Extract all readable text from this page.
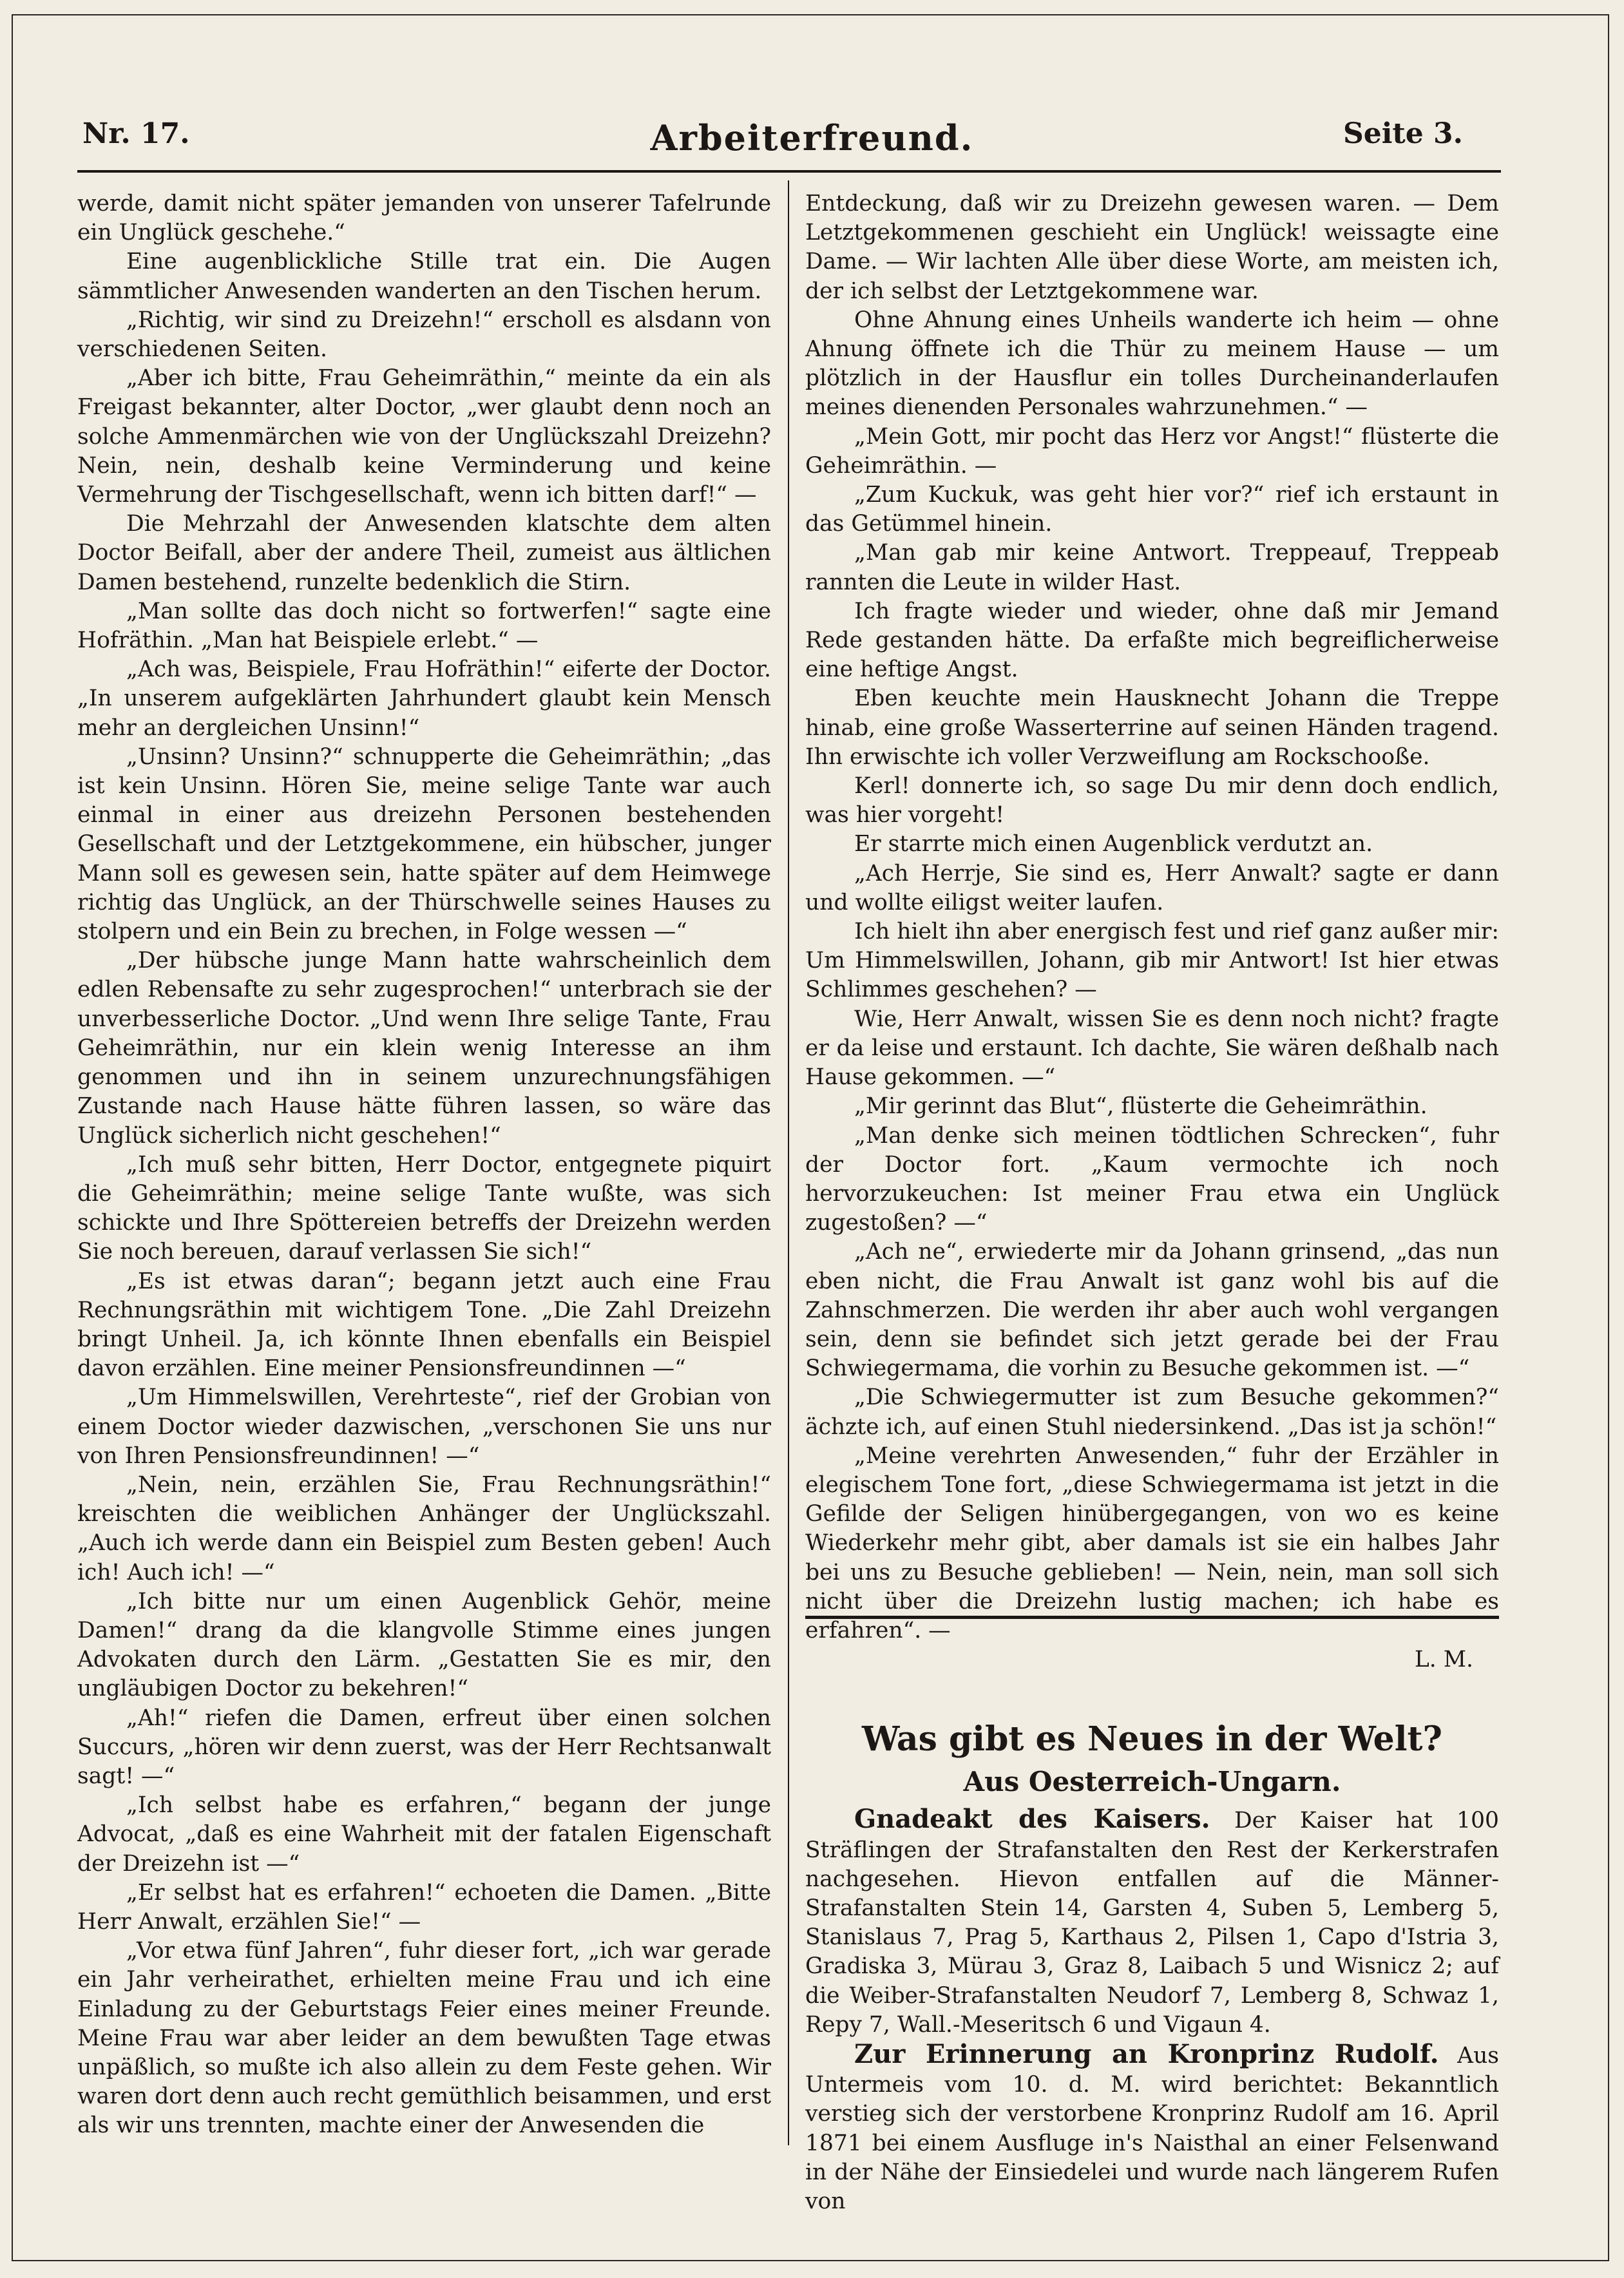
Nr. 17.	Arbeiterfreund.	Seite 3.

werde, damit nicht später jemanden von unserer Tafelrunde ein Unglück geschehe.“

Eine augenblickliche Stille trat ein. Die Augen sämmtlicher Anwesenden wanderten an den Tischen herum.

„Richtig, wir sind zu Dreizehn!“ erscholl es alsdann von verschiedenen Seiten.

„Aber ich bitte, Frau Geheimräthin,“ meinte da ein als Freigast bekannter, alter Doctor, „wer glaubt denn noch an solche Ammenmärchen wie von der Unglückszahl Dreizehn? Nein, nein, deshalb keine Verminderung und keine Vermehrung der Tischgesellschaft, wenn ich bitten darf!“ —

Die Mehrzahl der Anwesenden klatschte dem alten Doctor Beifall, aber der andere Theil, zumeist aus ältlichen Damen bestehend, runzelte bedenklich die Stirn.

„Man sollte das doch nicht so fortwerfen!“ sagte eine Hofräthin. „Man hat Beispiele erlebt.“ —

„Ach was, Beispiele, Frau Hofräthin!“ eiferte der Doctor. „In unserem aufgeklärten Jahrhundert glaubt kein Mensch mehr an dergleichen Unsinn!“

„Unsinn? Unsinn?“ schnupperte die Geheimräthin; „das ist kein Unsinn. Hören Sie, meine selige Tante war auch einmal in einer aus dreizehn Personen bestehenden Gesellschaft und der Letztgekommene, ein hübscher, junger Mann soll es gewesen sein, hatte später auf dem Heimwege richtig das Unglück, an der Thürschwelle seines Hauses zu stolpern und ein Bein zu brechen, in Folge wessen —“

„Der hübsche junge Mann hatte wahrscheinlich dem edlen Rebensafte zu sehr zugesprochen!“ unterbrach sie der unverbesserliche Doctor. „Und wenn Ihre selige Tante, Frau Geheimräthin, nur ein klein wenig Interesse an ihm genommen und ihn in seinem unzurechnungsfähigen Zustande nach Hause hätte führen lassen, so wäre das Unglück sicherlich nicht geschehen!“

„Ich muß sehr bitten, Herr Doctor, entgegnete piquirt die Geheimräthin; meine selige Tante wußte, was sich schickte und Ihre Spöttereien betreffs der Dreizehn werden Sie noch bereuen, darauf verlassen Sie sich!“

„Es ist etwas daran“; begann jetzt auch eine Frau Rechnungsräthin mit wichtigem Tone. „Die Zahl Dreizehn bringt Unheil. Ja, ich könnte Ihnen ebenfalls ein Beispiel davon erzählen. Eine meiner Pensionsfreundinnen —“

„Um Himmelswillen, Verehrteste“, rief der Grobian von einem Doctor wieder dazwischen, „verschonen Sie uns nur von Ihren Pensionsfreundinnen! —“

„Nein, nein, erzählen Sie, Frau Rechnungsräthin!“ kreischten die weiblichen Anhänger der Unglückszahl. „Auch ich werde dann ein Beispiel zum Besten geben! Auch ich! Auch ich! —“

„Ich bitte nur um einen Augenblick Gehör, meine Damen!“ drang da die klangvolle Stimme eines jungen Advokaten durch den Lärm. „Gestatten Sie es mir, den ungläubigen Doctor zu bekehren!“

„Ah!“ riefen die Damen, erfreut über einen solchen Succurs, „hören wir denn zuerst, was der Herr Rechtsanwalt sagt! —“

„Ich selbst habe es erfahren,“ begann der junge Advocat, „daß es eine Wahrheit mit der fatalen Eigenschaft der Dreizehn ist —“

„Er selbst hat es erfahren!“ echoeten die Damen. „Bitte Herr Anwalt, erzählen Sie!“ —

„Vor etwa fünf Jahren“, fuhr dieser fort, „ich war gerade ein Jahr verheirathet, erhielten meine Frau und ich eine Einladung zu der Geburtstags Feier eines meiner Freunde. Meine Frau war aber leider an dem bewußten Tage etwas unpäßlich, so mußte ich also allein zu dem Feste gehen. Wir waren dort denn auch recht gemüthlich beisammen, und erst als wir uns trennten, machte einer der Anwesenden die

Entdeckung, daß wir zu Dreizehn gewesen waren. — Dem Letztgekommenen geschieht ein Unglück! weissagte eine Dame. — Wir lachten Alle über diese Worte, am meisten ich, der ich selbst der Letztgekommene war.

Ohne Ahnung eines Unheils wanderte ich heim — ohne Ahnung öffnete ich die Thür zu meinem Hause — um plötzlich in der Hausflur ein tolles Durcheinanderlaufen meines dienenden Personales wahrzunehmen.“ —

„Mein Gott, mir pocht das Herz vor Angst!“ flüsterte die Geheimräthin. —

„Zum Kuckuk, was geht hier vor?“ rief ich erstaunt in das Getümmel hinein.

„Man gab mir keine Antwort. Treppeauf, Treppeab rannten die Leute in wilder Hast.

Ich fragte wieder und wieder, ohne daß mir Jemand Rede gestanden hätte. Da erfaßte mich begreiflicherweise eine heftige Angst.

Eben keuchte mein Hausknecht Johann die Treppe hinab, eine große Wasserterrine auf seinen Händen tragend. Ihn erwischte ich voller Verzweiflung am Rockschooße.

Kerl! donnerte ich, so sage Du mir denn doch endlich, was hier vorgeht!

Er starrte mich einen Augenblick verdutzt an.

„Ach Herrje, Sie sind es, Herr Anwalt? sagte er dann und wollte eiligst weiter laufen.

Ich hielt ihn aber energisch fest und rief ganz außer mir: Um Himmelswillen, Johann, gib mir Antwort! Ist hier etwas Schlimmes geschehen? —

Wie, Herr Anwalt, wissen Sie es denn noch nicht? fragte er da leise und erstaunt. Ich dachte, Sie wären deßhalb nach Hause gekommen. —“

„Mir gerinnt das Blut“, flüsterte die Geheimräthin.

„Man denke sich meinen tödtlichen Schrecken“, fuhr der Doctor fort. „Kaum vermochte ich noch hervorzukeuchen: Ist meiner Frau etwa ein Unglück zugestoßen? —“

„Ach ne“, erwiederte mir da Johann grinsend, „das nun eben nicht, die Frau Anwalt ist ganz wohl bis auf die Zahnschmerzen. Die werden ihr aber auch wohl vergangen sein, denn sie befindet sich jetzt gerade bei der Frau Schwiegermama, die vorhin zu Besuche gekommen ist. —“

„Die Schwiegermutter ist zum Besuche gekommen?“ ächzte ich, auf einen Stuhl niedersinkend. „Das ist ja schön!“

„Meine verehrten Anwesenden,“ fuhr der Erzähler in elegischem Tone fort, „diese Schwiegermama ist jetzt in die Gefilde der Seligen hinübergegangen, von wo es keine Wiederkehr mehr gibt, aber damals ist sie ein halbes Jahr bei uns zu Besuche geblieben! — Nein, nein, man soll sich nicht über die Dreizehn lustig machen; ich habe es erfahren“. —

L. M.
Was gibt es Neues in der Welt?
Aus Oesterreich-Ungarn.

Gnadeakt des Kaisers. Der Kaiser hat 100 Sträflingen der Strafanstalten den Rest der Kerkerstrafen nachgesehen. Hievon entfallen auf die Männer-Strafanstalten Stein 14, Garsten 4, Suben 5, Lemberg 5, Stanislaus 7, Prag 5, Karthaus 2, Pilsen 1, Capo d'Istria 3, Gradiska 3, Mürau 3, Graz 8, Laibach 5 und Wisnicz 2; auf die Weiber-Strafanstalten Neudorf 7, Lemberg 8, Schwaz 1, Repy 7, Wall.-Meseritsch 6 und Vigaun 4.

Zur Erinnerung an Kronprinz Rudolf. Aus Untermeis vom 10. d. M. wird berichtet: Bekanntlich verstieg sich der verstorbene Kronprinz Rudolf am 16. April 1871 bei einem Ausfluge in's Naisthal an einer Felsenwand in der Nähe der Einsiedelei und wurde nach längerem Rufen von
